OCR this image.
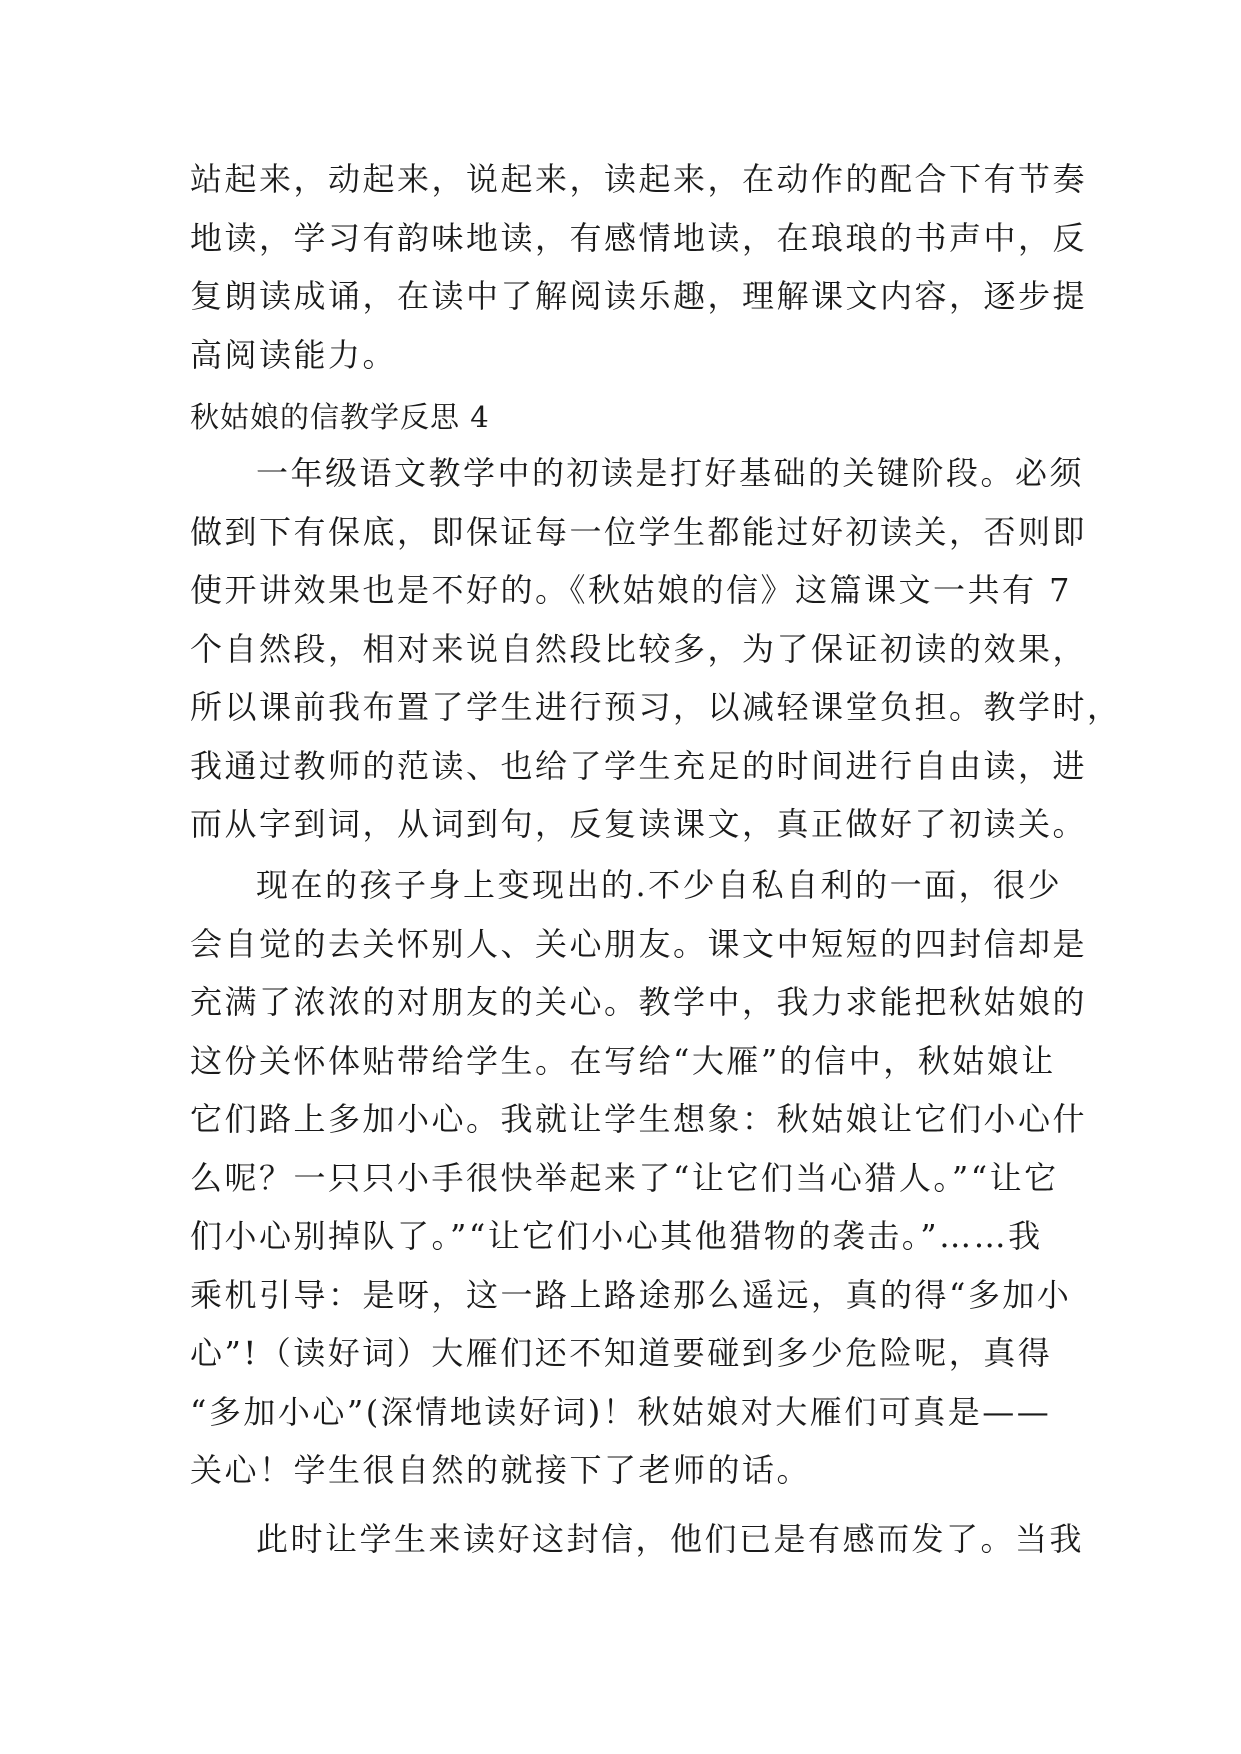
站起来，动起来，说起来，读起来，在动作的配合下有节奏
地读，学习有韵味地读，有感情地读，在琅琅的书声中，反
复朗读成诵，在读中了解阅读乐趣，理解课文内容，逐步提
高阅读能力。
秋姑娘的信教学反思 4
一年级语文教学中的初读是打好基础的关键阶段。必须
做到下有保底，即保证每一位学生都能过好初读关，否则即
使开讲效果也是不好的。《秋姑娘的信》这篇课文一共有 7
个自然段，相对来说自然段比较多，为了保证初读的效果，
所以课前我布置了学生进行预习，以减轻课堂负担。教学时，
我通过教师的范读、也给了学生充足的时间进行自由读，进
而从字到词，从词到句，反复读课文，真正做好了初读关。
现在的孩子身上变现出的.不少自私自利的一面，很少
会自觉的去关怀别人、关心朋友。课文中短短的四封信却是
充满了浓浓的对朋友的关心。教学中，我力求能把秋姑娘的
这份关怀体贴带给学生。在写给“大雁”的信中，秋姑娘让
它们路上多加小心。我就让学生想象：秋姑娘让它们小心什
么呢？一只只小手很快举起来了“让它们当心猎人。”“让它
们小心别掉队了。”“让它们小心其他猎物的袭击。”……我
乘机引导：是呀，这一路上路途那么遥远，真的得“多加小
心”!（读好词）大雁们还不知道要碰到多少危险呢，真得
“多加小心”(深情地读好词)！秋姑娘对大雁们可真是——
关心！学生很自然的就接下了老师的话。
此时让学生来读好这封信，他们已是有感而发了。当我
